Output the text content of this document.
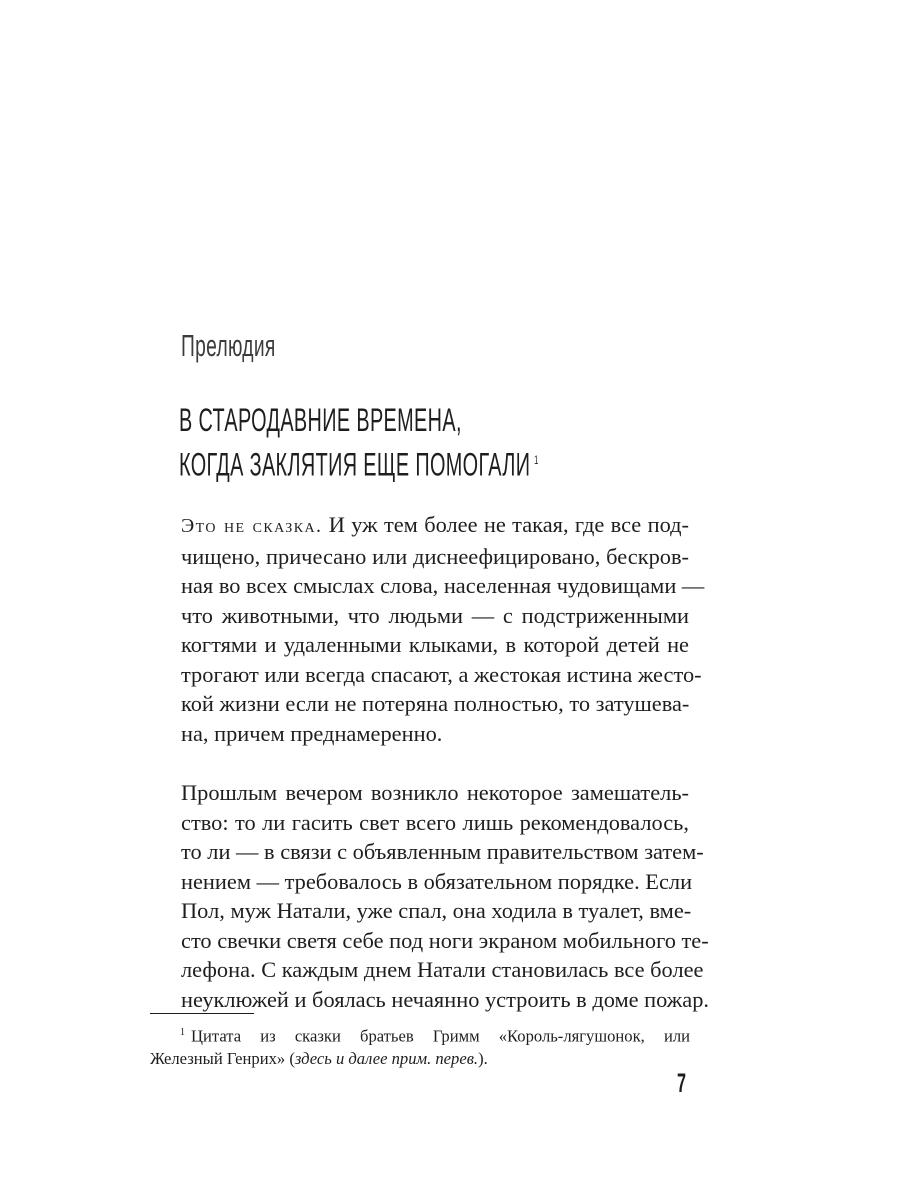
Прелюдия
В СТАРОДАВНИЕ ВРЕМЕНА,
КОГДА ЗАКЛЯТИЯ ЕЩЕ ПОМОГАЛИ $^1$

Это не сказка. И уж тем более не такая, где все под-
чищено, причесано или диснеефицировано, бескров-
ная во всех смыслах слова, населенная чудовищами —
что животными, что людьми — с подстриженными
когтями и удаленными клыками, в которой детей не
трогают или всегда спасают, а жестокая истина жесто-
кой жизни если не потеряна полностью, то затушева-
на, причем преднамеренно.

Прошлым вечером возникло некоторое замешатель-
ство: то ли гасить свет всего лишь рекомендовалось,
то ли — в связи с объявленным правительством затем-
нением — требовалось в обязательном порядке. Если
Пол, муж Натали, уже спал, она ходила в туалет, вме-
сто свечки светя себе под ноги экраном мобильного те-
лефона. С каждым днем Натали становилась все более
неуклюжей и боялась нечаянно устроить в доме пожар.

$^1$ Цитата из сказки братьев Гримм «Король-лягушонок, или
Железный Генрих» (здесь и далее прим. перев.).
7
